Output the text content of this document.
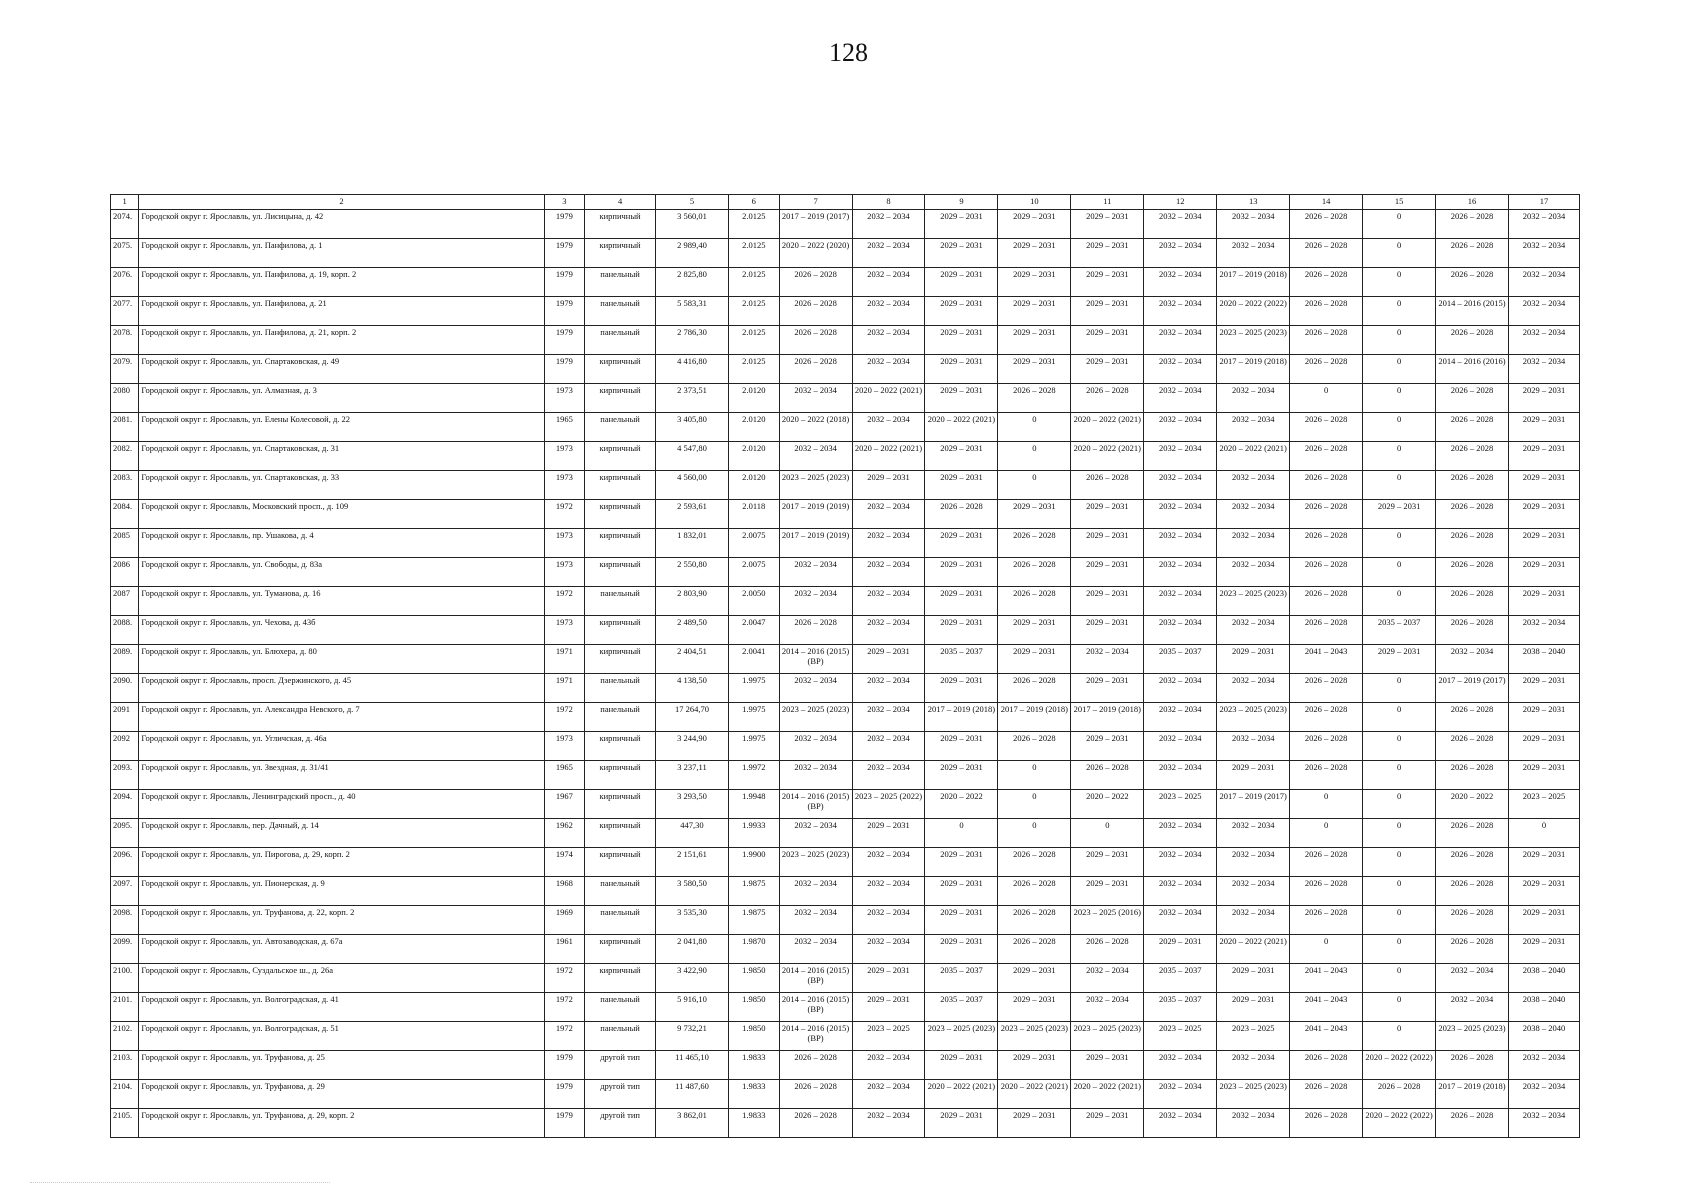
128
1	2	3	4	5	6	7	8	9	10	11	12	13	14	15	16	17
2074.	Городской округ г. Ярославль, ул. Лисицына, д. 42	1979	кирпичный	3 560,01	2.0125	2017 – 2019 (2017)	2032 – 2034	2029 – 2031	2029 – 2031	2029 – 2031	2032 – 2034	2032 – 2034	2026 – 2028	0	2026 – 2028	2032 – 2034
2075.	Городской округ г. Ярославль, ул. Панфилова, д. 1	1979	кирпичный	2 989,40	2.0125	2020 – 2022 (2020)	2032 – 2034	2029 – 2031	2029 – 2031	2029 – 2031	2032 – 2034	2032 – 2034	2026 – 2028	0	2026 – 2028	2032 – 2034
2076.	Городской округ г. Ярославль, ул. Панфилова, д. 19, корп. 2	1979	панельный	2 825,80	2.0125	2026 – 2028	2032 – 2034	2029 – 2031	2029 – 2031	2029 – 2031	2032 – 2034	2017 – 2019 (2018)	2026 – 2028	0	2026 – 2028	2032 – 2034
2077.	Городской округ г. Ярославль, ул. Панфилова, д. 21	1979	панельный	5 583,31	2.0125	2026 – 2028	2032 – 2034	2029 – 2031	2029 – 2031	2029 – 2031	2032 – 2034	2020 – 2022 (2022)	2026 – 2028	0	2014 – 2016 (2015)	2032 – 2034
2078.	Городской округ г. Ярославль, ул. Панфилова, д. 21, корп. 2	1979	панельный	2 786,30	2.0125	2026 – 2028	2032 – 2034	2029 – 2031	2029 – 2031	2029 – 2031	2032 – 2034	2023 – 2025 (2023)	2026 – 2028	0	2026 – 2028	2032 – 2034
2079.	Городской округ г. Ярославль, ул. Спартаковская, д. 49	1979	кирпичный	4 416,80	2.0125	2026 – 2028	2032 – 2034	2029 – 2031	2029 – 2031	2029 – 2031	2032 – 2034	2017 – 2019 (2018)	2026 – 2028	0	2014 – 2016 (2016)	2032 – 2034
2080	Городской округ г. Ярославль, ул. Алмазная, д. 3	1973	кирпичный	2 373,51	2.0120	2032 – 2034	2020 – 2022 (2021)	2029 – 2031	2026 – 2028	2026 – 2028	2032 – 2034	2032 – 2034	0	0	2026 – 2028	2029 – 2031
2081.	Городской округ г. Ярославль, ул. Елены Колесовой, д. 22	1965	панельный	3 405,80	2.0120	2020 – 2022 (2018)	2032 – 2034	2020 – 2022 (2021)	0	2020 – 2022 (2021)	2032 – 2034	2032 – 2034	2026 – 2028	0	2026 – 2028	2029 – 2031
2082.	Городской округ г. Ярославль, ул. Спартаковская, д. 31	1973	кирпичный	4 547,80	2.0120	2032 – 2034	2020 – 2022 (2021)	2029 – 2031	0	2020 – 2022 (2021)	2032 – 2034	2020 – 2022 (2021)	2026 – 2028	0	2026 – 2028	2029 – 2031
2083.	Городской округ г. Ярославль, ул. Спартаковская, д. 33	1973	кирпичный	4 560,00	2.0120	2023 – 2025 (2023)	2029 – 2031	2029 – 2031	0	2026 – 2028	2032 – 2034	2032 – 2034	2026 – 2028	0	2026 – 2028	2029 – 2031
2084.	Городской округ г. Ярославль, Московский просп., д. 109	1972	кирпичный	2 593,61	2.0118	2017 – 2019 (2019)	2032 – 2034	2026 – 2028	2029 – 2031	2029 – 2031	2032 – 2034	2032 – 2034	2026 – 2028	2029 – 2031	2026 – 2028	2029 – 2031
2085	Городской округ г. Ярославль, пр. Ушакова, д. 4	1973	кирпичный	1 832,01	2.0075	2017 – 2019 (2019)	2032 – 2034	2029 – 2031	2026 – 2028	2029 – 2031	2032 – 2034	2032 – 2034	2026 – 2028	0	2026 – 2028	2029 – 2031
2086	Городской округ г. Ярославль, ул. Свободы, д. 83а	1973	кирпичный	2 550,80	2.0075	2032 – 2034	2032 – 2034	2029 – 2031	2026 – 2028	2029 – 2031	2032 – 2034	2032 – 2034	2026 – 2028	0	2026 – 2028	2029 – 2031
2087	Городской округ г. Ярославль, ул. Туманова, д. 16	1972	панельный	2 803,90	2.0050	2032 – 2034	2032 – 2034	2029 – 2031	2026 – 2028	2029 – 2031	2032 – 2034	2023 – 2025 (2023)	2026 – 2028	0	2026 – 2028	2029 – 2031
2088.	Городской округ г. Ярославль, ул. Чехова, д. 43б	1973	кирпичный	2 489,50	2.0047	2026 – 2028	2032 – 2034	2029 – 2031	2029 – 2031	2029 – 2031	2032 – 2034	2032 – 2034	2026 – 2028	2035 – 2037	2026 – 2028	2032 – 2034
2089.	Городской округ г. Ярославль, ул. Блюхера, д. 80	1971	кирпичный	2 404,51	2.0041	2014 – 2016 (2015) (ВР)	2029 – 2031	2035 – 2037	2029 – 2031	2032 – 2034	2035 – 2037	2029 – 2031	2041 – 2043	2029 – 2031	2032 – 2034	2038 – 2040
2090.	Городской округ г. Ярославль, просп. Дзержинского, д. 45	1971	панельный	4 138,50	1.9975	2032 – 2034	2032 – 2034	2029 – 2031	2026 – 2028	2029 – 2031	2032 – 2034	2032 – 2034	2026 – 2028	0	2017 – 2019 (2017)	2029 – 2031
2091	Городской округ г. Ярославль, ул. Александра Невского, д. 7	1972	панельный	17 264,70	1.9975	2023 – 2025 (2023)	2032 – 2034	2017 – 2019 (2018)	2017 – 2019 (2018)	2017 – 2019 (2018)	2032 – 2034	2023 – 2025 (2023)	2026 – 2028	0	2026 – 2028	2029 – 2031
2092	Городской округ г. Ярославль, ул. Угличская, д. 46а	1973	кирпичный	3 244,90	1.9975	2032 – 2034	2032 – 2034	2029 – 2031	2026 – 2028	2029 – 2031	2032 – 2034	2032 – 2034	2026 – 2028	0	2026 – 2028	2029 – 2031
2093.	Городской округ г. Ярославль, ул. Звездная, д. 31/41	1965	кирпичный	3 237,11	1.9972	2032 – 2034	2032 – 2034	2029 – 2031	0	2026 – 2028	2032 – 2034	2029 – 2031	2026 – 2028	0	2026 – 2028	2029 – 2031
2094.	Городской округ г. Ярославль, Ленинградский просп., д. 40	1967	кирпичный	3 293,50	1.9948	2014 – 2016 (2015) (ВР)	2023 – 2025 (2022)	2020 – 2022	0	2020 – 2022	2023 – 2025	2017 – 2019 (2017)	0	0	2020 – 2022	2023 – 2025
2095.	Городской округ г. Ярославль, пер. Дачный, д. 14	1962	кирпичный	447,30	1.9933	2032 – 2034	2029 – 2031	0	0	0	2032 – 2034	2032 – 2034	0	0	2026 – 2028	0
2096.	Городской округ г. Ярославль, ул. Пирогова, д. 29, корп. 2	1974	кирпичный	2 151,61	1.9900	2023 – 2025 (2023)	2032 – 2034	2029 – 2031	2026 – 2028	2029 – 2031	2032 – 2034	2032 – 2034	2026 – 2028	0	2026 – 2028	2029 – 2031
2097.	Городской округ г. Ярославль, ул. Пионерская, д. 9	1968	панельный	3 580,50	1.9875	2032 – 2034	2032 – 2034	2029 – 2031	2026 – 2028	2029 – 2031	2032 – 2034	2032 – 2034	2026 – 2028	0	2026 – 2028	2029 – 2031
2098.	Городской округ г. Ярославль, ул. Труфанова, д. 22, корп. 2	1969	панельный	3 535,30	1.9875	2032 – 2034	2032 – 2034	2029 – 2031	2026 – 2028	2023 – 2025 (2016)	2032 – 2034	2032 – 2034	2026 – 2028	0	2026 – 2028	2029 – 2031
2099.	Городской округ г. Ярославль, ул. Автозаводская, д. 67а	1961	кирпичный	2 041,80	1.9870	2032 – 2034	2032 – 2034	2029 – 2031	2026 – 2028	2026 – 2028	2029 – 2031	2020 – 2022 (2021)	0	0	2026 – 2028	2029 – 2031
2100.	Городской округ г. Ярославль, Суздальское ш., д. 26а	1972	кирпичный	3 422,90	1.9850	2014 – 2016 (2015) (ВР)	2029 – 2031	2035 – 2037	2029 – 2031	2032 – 2034	2035 – 2037	2029 – 2031	2041 – 2043	0	2032 – 2034	2038 – 2040
2101.	Городской округ г. Ярославль, ул. Волгоградская, д. 41	1972	панельный	5 916,10	1.9850	2014 – 2016 (2015) (ВР)	2029 – 2031	2035 – 2037	2029 – 2031	2032 – 2034	2035 – 2037	2029 – 2031	2041 – 2043	0	2032 – 2034	2038 – 2040
2102.	Городской округ г. Ярославль, ул. Волгоградская, д. 51	1972	панельный	9 732,21	1.9850	2014 – 2016 (2015) (ВР)	2023 – 2025	2023 – 2025 (2023)	2023 – 2025 (2023)	2023 – 2025 (2023)	2023 – 2025	2023 – 2025	2041 – 2043	0	2023 – 2025 (2023)	2038 – 2040
2103.	Городской округ г. Ярославль, ул. Труфанова, д. 25	1979	другой тип	11 465,10	1.9833	2026 – 2028	2032 – 2034	2029 – 2031	2029 – 2031	2029 – 2031	2032 – 2034	2032 – 2034	2026 – 2028	2020 – 2022 (2022)	2026 – 2028	2032 – 2034
2104.	Городской округ г. Ярославль, ул. Труфанова, д. 29	1979	другой тип	11 487,60	1.9833	2026 – 2028	2032 – 2034	2020 – 2022 (2021)	2020 – 2022 (2021)	2020 – 2022 (2021)	2032 – 2034	2023 – 2025 (2023)	2026 – 2028	2026 – 2028	2017 – 2019 (2018)	2032 – 2034
2105.	Городской округ г. Ярославль, ул. Труфанова, д. 29, корп. 2	1979	другой тип	3 862,01	1.9833	2026 – 2028	2032 – 2034	2029 – 2031	2029 – 2031	2029 – 2031	2032 – 2034	2032 – 2034	2026 – 2028	2020 – 2022 (2022)	2026 – 2028	2032 – 2034
